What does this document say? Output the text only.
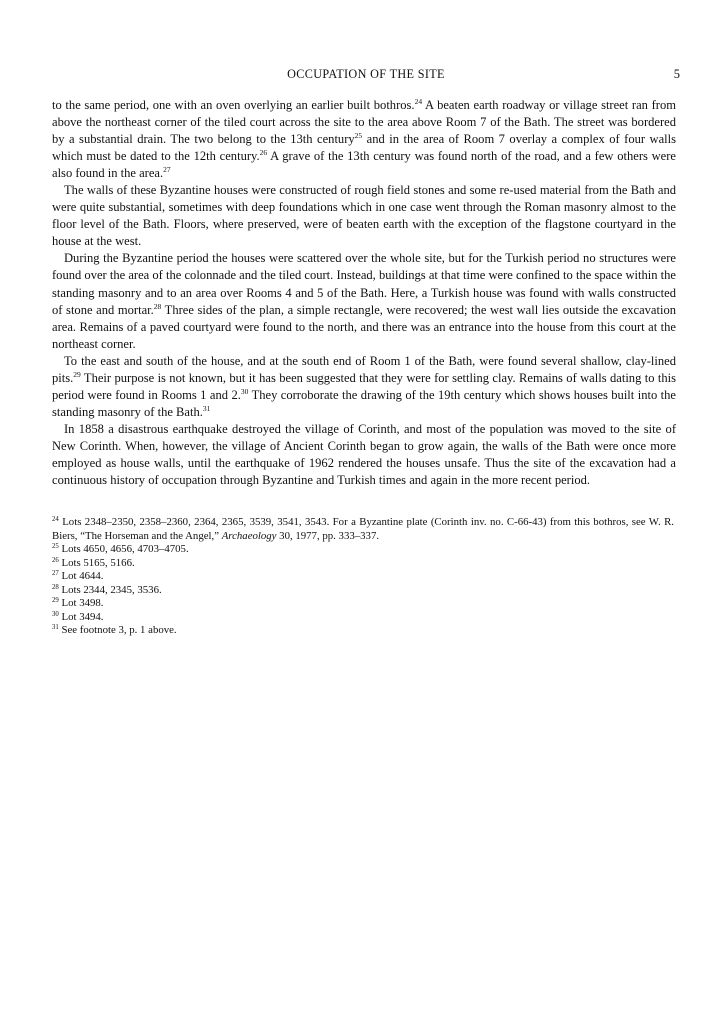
OCCUPATION OF THE SITE	5

to the same period, one with an oven overlying an earlier built bothros.$^{24}$ A beaten earth roadway or village street ran from above the northeast corner of the tiled court across the site to the area above Room 7 of the Bath. The street was bordered by a substantial drain. The two belong to the 13th century$^{25}$ and in the area of Room 7 overlay a complex of four walls which must be dated to the 12th century.$^{26}$ A grave of the 13th century was found north of the road, and a few others were also found in the area.$^{27}$

The walls of these Byzantine houses were constructed of rough field stones and some re-used material from the Bath and were quite substantial, sometimes with deep foundations which in one case went through the Roman masonry almost to the floor level of the Bath. Floors, where preserved, were of beaten earth with the exception of the flagstone courtyard in the house at the west.

During the Byzantine period the houses were scattered over the whole site, but for the Turkish period no structures were found over the area of the colonnade and the tiled court. Instead, buildings at that time were confined to the space within the standing masonry and to an area over Rooms 4 and 5 of the Bath. Here, a Turkish house was found with walls constructed of stone and mortar.$^{28}$ Three sides of the plan, a simple rectangle, were recovered; the west wall lies outside the excavation area. Remains of a paved courtyard were found to the north, and there was an entrance into the house from this court at the northeast corner.

To the east and south of the house, and at the south end of Room 1 of the Bath, were found several shallow, clay-lined pits.$^{29}$ Their purpose is not known, but it has been suggested that they were for settling clay. Remains of walls dating to this period were found in Rooms 1 and 2.30 They corroborate the drawing of the 19th century which shows houses built into the standing masonry of the Bath.$^{31}$

In 1858 a disastrous earthquake destroyed the village of Corinth, and most of the population was moved to the site of New Corinth. When, however, the village of Ancient Corinth began to grow again, the walls of the Bath were once more employed as house walls, until the earthquake of 1962 rendered the houses unsafe. Thus the site of the excavation had a continuous history of occupation through Byzantine and Turkish times and again in the more recent period.

$^{24}$ Lots 2348–2350, 2358–2360, 2364, 2365, 3539, 3541, 3543. For a Byzantine plate (Corinth inv. no. C-66-43) from this bothros, see W. R. Biers, “The Horseman and the Angel,” Archaeology 30, 1977, pp. 333–337.

$^{25}$ Lots 4650, 4656, 4703–4705.

$^{26}$ Lots 5165, 5166.

$^{27}$ Lot 4644.

$^{28}$ Lots 2344, 2345, 3536.

$^{29}$ Lot 3498.

$^{30}$ Lot 3494.

$^{31}$ See footnote 3, p. 1 above.
